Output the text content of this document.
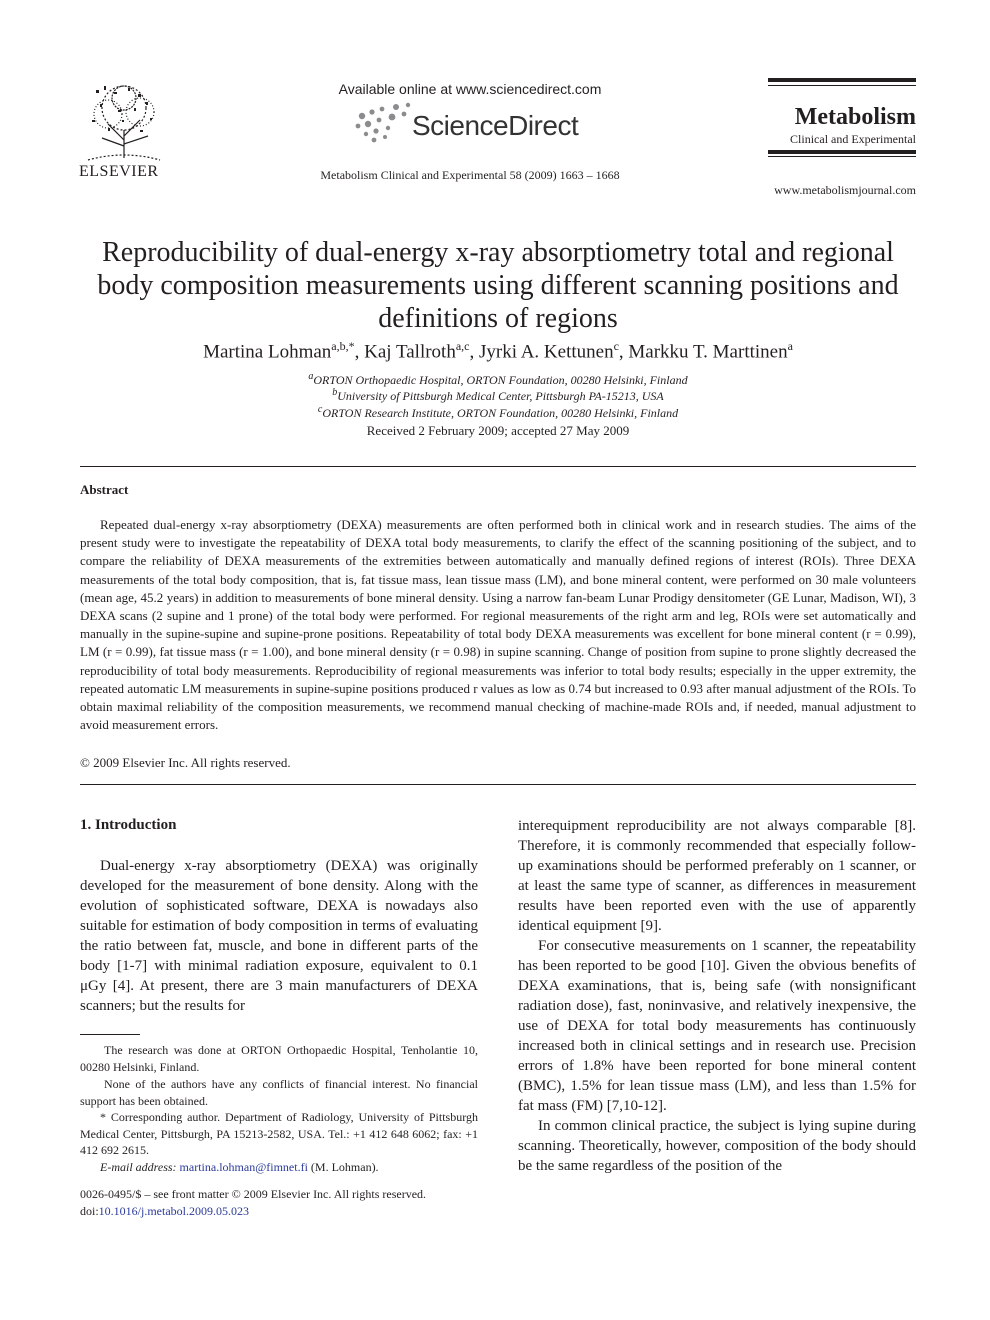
ELSEVIER
Available online at www.sciencedirect.com
ScienceDirect
Metabolism Clinical and Experimental 58 (2009) 1663 – 1668
Metabolism
Clinical and Experimental
www.metabolismjournal.com
Reproducibility of dual-energy x-ray absorptiometry total and regional body composition measurements using different scanning positions and definitions of regions
Martina Lohman$^{a,b,*}$, Kaj Tallroth$^{a,c}$, Jyrki A. Kettunen$^c$, Markku T. Marttinen$^a$
$^a$ORTON Orthopaedic Hospital, ORTON Foundation, 00280 Helsinki, Finland
$^b$University of Pittsburgh Medical Center, Pittsburgh PA-15213, USA
$^c$ORTON Research Institute, ORTON Foundation, 00280 Helsinki, Finland
Received 2 February 2009; accepted 27 May 2009
Abstract
Repeated dual-energy x-ray absorptiometry (DEXA) measurements are often performed both in clinical work and in research studies. The aims of the present study were to investigate the repeatability of DEXA total body measurements, to clarify the effect of the scanning positioning of the subject, and to compare the reliability of DEXA measurements of the extremities between automatically and manually defined regions of interest (ROIs). Three DEXA measurements of the total body composition, that is, fat tissue mass, lean tissue mass (LM), and bone mineral content, were performed on 30 male volunteers (mean age, 45.2 years) in addition to measurements of bone mineral density. Using a narrow fan-beam Lunar Prodigy densitometer (GE Lunar, Madison, WI), 3 DEXA scans (2 supine and 1 prone) of the total body were performed. For regional measurements of the right arm and leg, ROIs were set automatically and manually in the supine-supine and supine-prone positions. Repeatability of total body DEXA measurements was excellent for bone mineral content (r = 0.99), LM (r = 0.99), fat tissue mass (r = 1.00), and bone mineral density (r = 0.98) in supine scanning. Change of position from supine to prone slightly decreased the reproducibility of total body measurements. Reproducibility of regional measurements was inferior to total body results; especially in the upper extremity, the repeated automatic LM measurements in supine-supine positions produced r values as low as 0.74 but increased to 0.93 after manual adjustment of the ROIs. To obtain maximal reliability of the composition measurements, we recommend manual checking of machine-made ROIs and, if needed, manual adjustment to avoid measurement errors.
© 2009 Elsevier Inc. All rights reserved.
1. Introduction

Dual-energy x-ray absorptiometry (DEXA) was originally developed for the measurement of bone density. Along with the evolution of sophisticated software, DEXA is nowadays also suitable for estimation of body composition in terms of evaluating the ratio between fat, muscle, and bone in different parts of the body [1-7] with minimal radiation exposure, equivalent to 0.1 μGy [4]. At present, there are 3 main manufacturers of DEXA scanners; but the results for

interequipment reproducibility are not always comparable [8]. Therefore, it is commonly recommended that especially follow-up examinations should be performed preferably on 1 scanner, or at least the same type of scanner, as differences in measurement results have been reported even with the use of apparently identical equipment [9].

For consecutive measurements on 1 scanner, the repeatability has been reported to be good [10]. Given the obvious benefits of DEXA examinations, that is, being safe (with nonsignificant radiation dose), fast, noninvasive, and relatively inexpensive, the use of DEXA for total body measurements has continuously increased both in clinical settings and in research use. Precision errors of 1.8% have been reported for bone mineral content (BMC), 1.5% for lean tissue mass (LM), and less than 1.5% for fat mass (FM) [7,10-12].

In common clinical practice, the subject is lying supine during scanning. Theoretically, however, composition of the body should be the same regardless of the position of the

The research was done at ORTON Orthopaedic Hospital, Tenholantie 10, 00280 Helsinki, Finland.
None of the authors have any conflicts of financial interest. No financial support has been obtained.
* Corresponding author. Department of Radiology, University of Pittsburgh Medical Center, Pittsburgh, PA 15213-2582, USA. Tel.: +1 412 648 6062; fax: +1 412 692 2615.
E-mail address: martina.lohman@fimnet.fi (M. Lohman).
0026-0495/$ – see front matter © 2009 Elsevier Inc. All rights reserved.
doi:10.1016/j.metabol.2009.05.023
